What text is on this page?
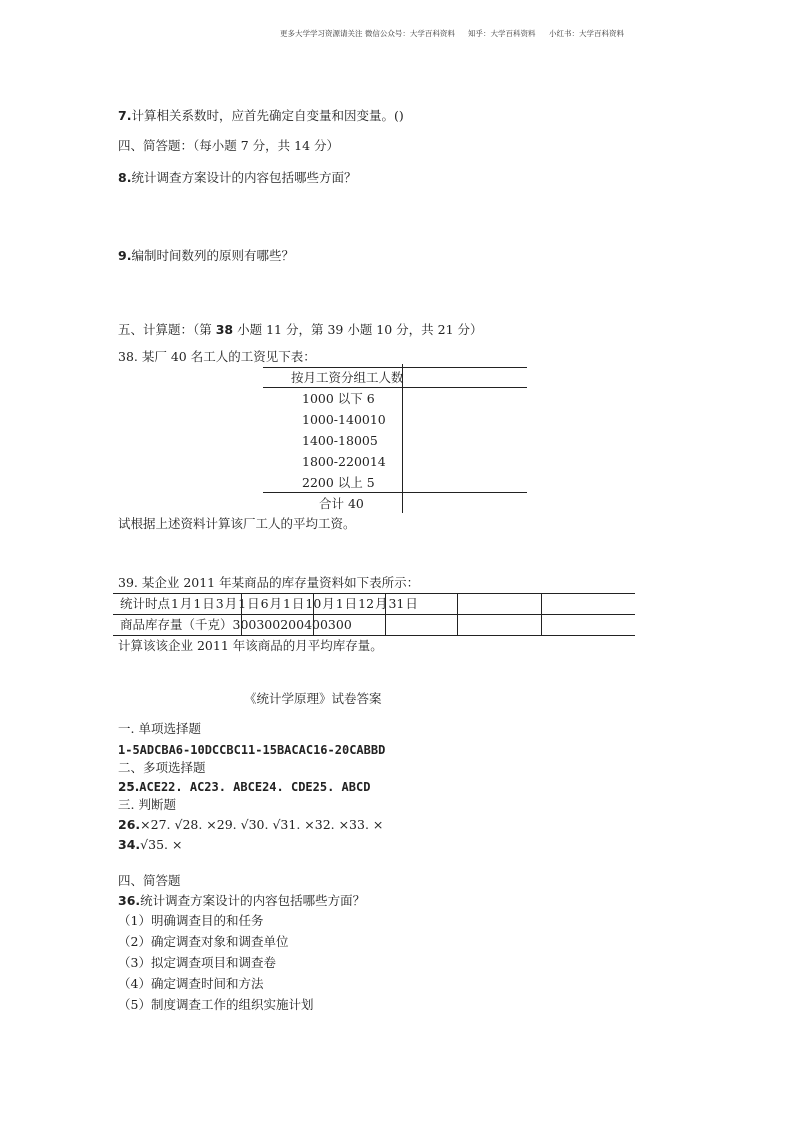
更多大学学习资源请关注 微信公众号：大学百科资料 知乎：大学百科资料 小红书：大学百科资料
7.计算相关系数时，应首先确定自变量和因变量。()
四、简答题：（每小题 7 分，共 14 分）
8.统计调查方案设计的内容包括哪些方面？
9.编制时间数列的原则有哪些？
五、计算题：（第 38 小题 11 分，第 39 小题 10 分，共 21 分）
38. 某厂 40 名工人的工资见下表：
按月工资分组工人数
1000 以下 6
1000-140010
1400-18005
1800-220014
2200 以上 5
合计 40
试根据上述资料计算该厂工人的平均工资。
39. 某企业 2011 年某商品的库存量资料如下表所示：
统计时点 1 月 1 日 3 月 1 日 6 月 1 日 10 月 1 日 12 月 31 日
商品库存量（千克）300300200400300
计算该该企业 2011 年该商品的月平均库存量。
《统计学原理》试卷答案
一. 单项选择题
1-5ADCBA6-10DCCBC11-15BACAC16-20CABBD
二、多项选择题
25.ACE22. AC23. ABCE24. CDE25. ABCD
三. 判断题
26.×27. √28. ×29. √30. √31. ×32. ×33. ×
34.√35. ×
四、简答题
36.统计调查方案设计的内容包括哪些方面？
（1）明确调查目的和任务
（2）确定调查对象和调查单位
（3）拟定调查项目和调查卷
（4）确定调查时间和方法
（5）制度调查工作的组织实施计划
